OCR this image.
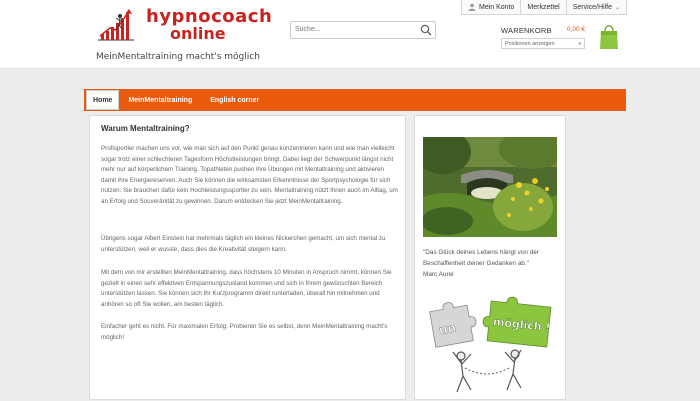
hypnocoach
online
MeinMentaltraining macht's möglich
Suche...
Mein Konto Merkzettel Service/Hilfe ⌄
WARENKORB 0,00 €
Positionen anzeigen	▾
Home	MeinMentaltraining	English corner
Warum Mentaltraining?

Profisportler machen uns vor, wie man sich auf den Punkt genau konzentrieren kann und wie man vielleicht sogar trotz einer schlechteren Tagesform Höchstleistungen bringt. Dabei liegt der Schwerpunkt längst nicht mehr nur auf körperlichem Training. Topathleten pushen ihre Übungen mit Mentaltraining und aktivieren damit ihre Energiereserven. Auch Sie können die wirksamsten Erkenntnisse der Sportpsychologie für sich nutzen: Sie brauchen dafür kein Hochleistungssportler zu sein. Mentaltraining nützt Ihnen auch im Alltag, um an Erfolg und Souveränität zu gewinnen. Darum entdecken Sie jetzt MeinMentaltraining.

Übrigens sogar Albert Einstein hat mehrmals täglich ein kleines Nickerchen gemacht, um sich mental zu unterstützen, weil er wusste, dass dies die Kreativität steigern kann.

Mit dem von mir erstellten MeinMentaltraining, dass höchstens 10 Minuten in Anspruch nimmt, können Sie gezielt in einen sehr effektiven Entspannungszustand kommen und sich in Ihrem gewünschten Bereich unterstützen lassen. Sie können sich Ihr Kurzprogramm direkt runterladen, überall hin mitnehmen und anhören so oft Sie wollen, am besten täglich.

Einfacher geht es nicht. Für maximalen Erfolg: Probieren Sie es selbst, denn MeinMentaltraining macht's möglich!

"Das Glück deines Lebens hängt von der Beschaffenheit deiner Gedanken ab."
Marc Aurel

un	möglich !
